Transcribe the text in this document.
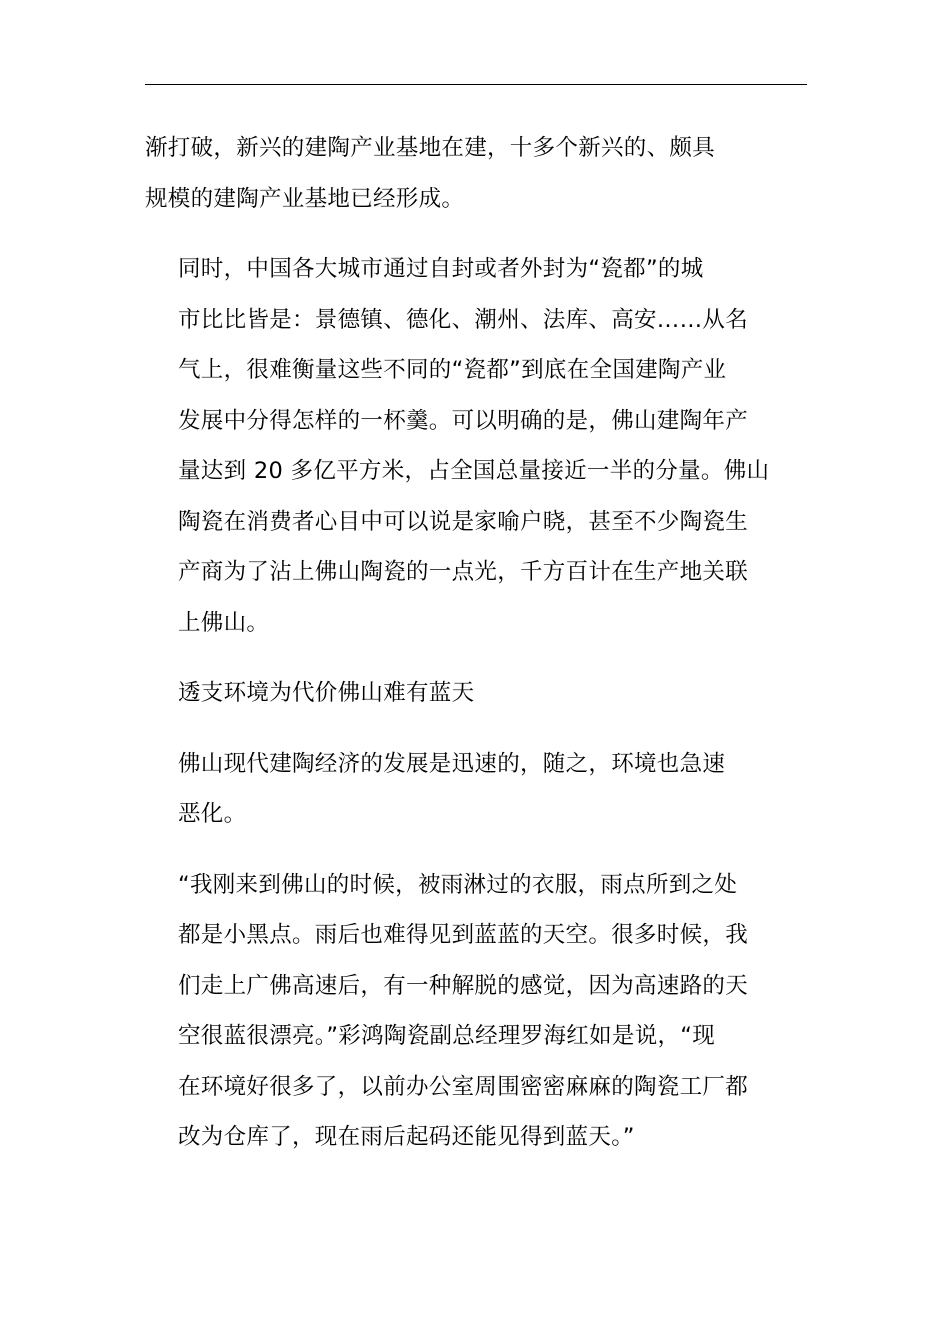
渐打破，新兴的建陶产业基地在建，十多个新兴的、颇具
规模的建陶产业基地已经形成。

同时，中国各大城市通过自封或者外封为“瓷都”的城
市比比皆是：景德镇、德化、潮州、法库、高安……从名
气上，很难衡量这些不同的“瓷都”到底在全国建陶产业
发展中分得怎样的一杯羹。可以明确的是，佛山建陶年产
量达到 20 多亿平方米，占全国总量接近一半的分量。佛山
陶瓷在消费者心目中可以说是家喻户晓，甚至不少陶瓷生
产商为了沾上佛山陶瓷的一点光，千方百计在生产地关联
上佛山。

透支环境为代价佛山难有蓝天

佛山现代建陶经济的发展是迅速的，随之，环境也急速
恶化。

“我刚来到佛山的时候，被雨淋过的衣服，雨点所到之处
都是小黑点。雨后也难得见到蓝蓝的天空。很多时候，我
们走上广佛高速后，有一种解脱的感觉，因为高速路的天
空很蓝很漂亮。”彩鸿陶瓷副总经理罗海红如是说，“现
在环境好很多了，以前办公室周围密密麻麻的陶瓷工厂都
改为仓库了，现在雨后起码还能见得到蓝天。”
